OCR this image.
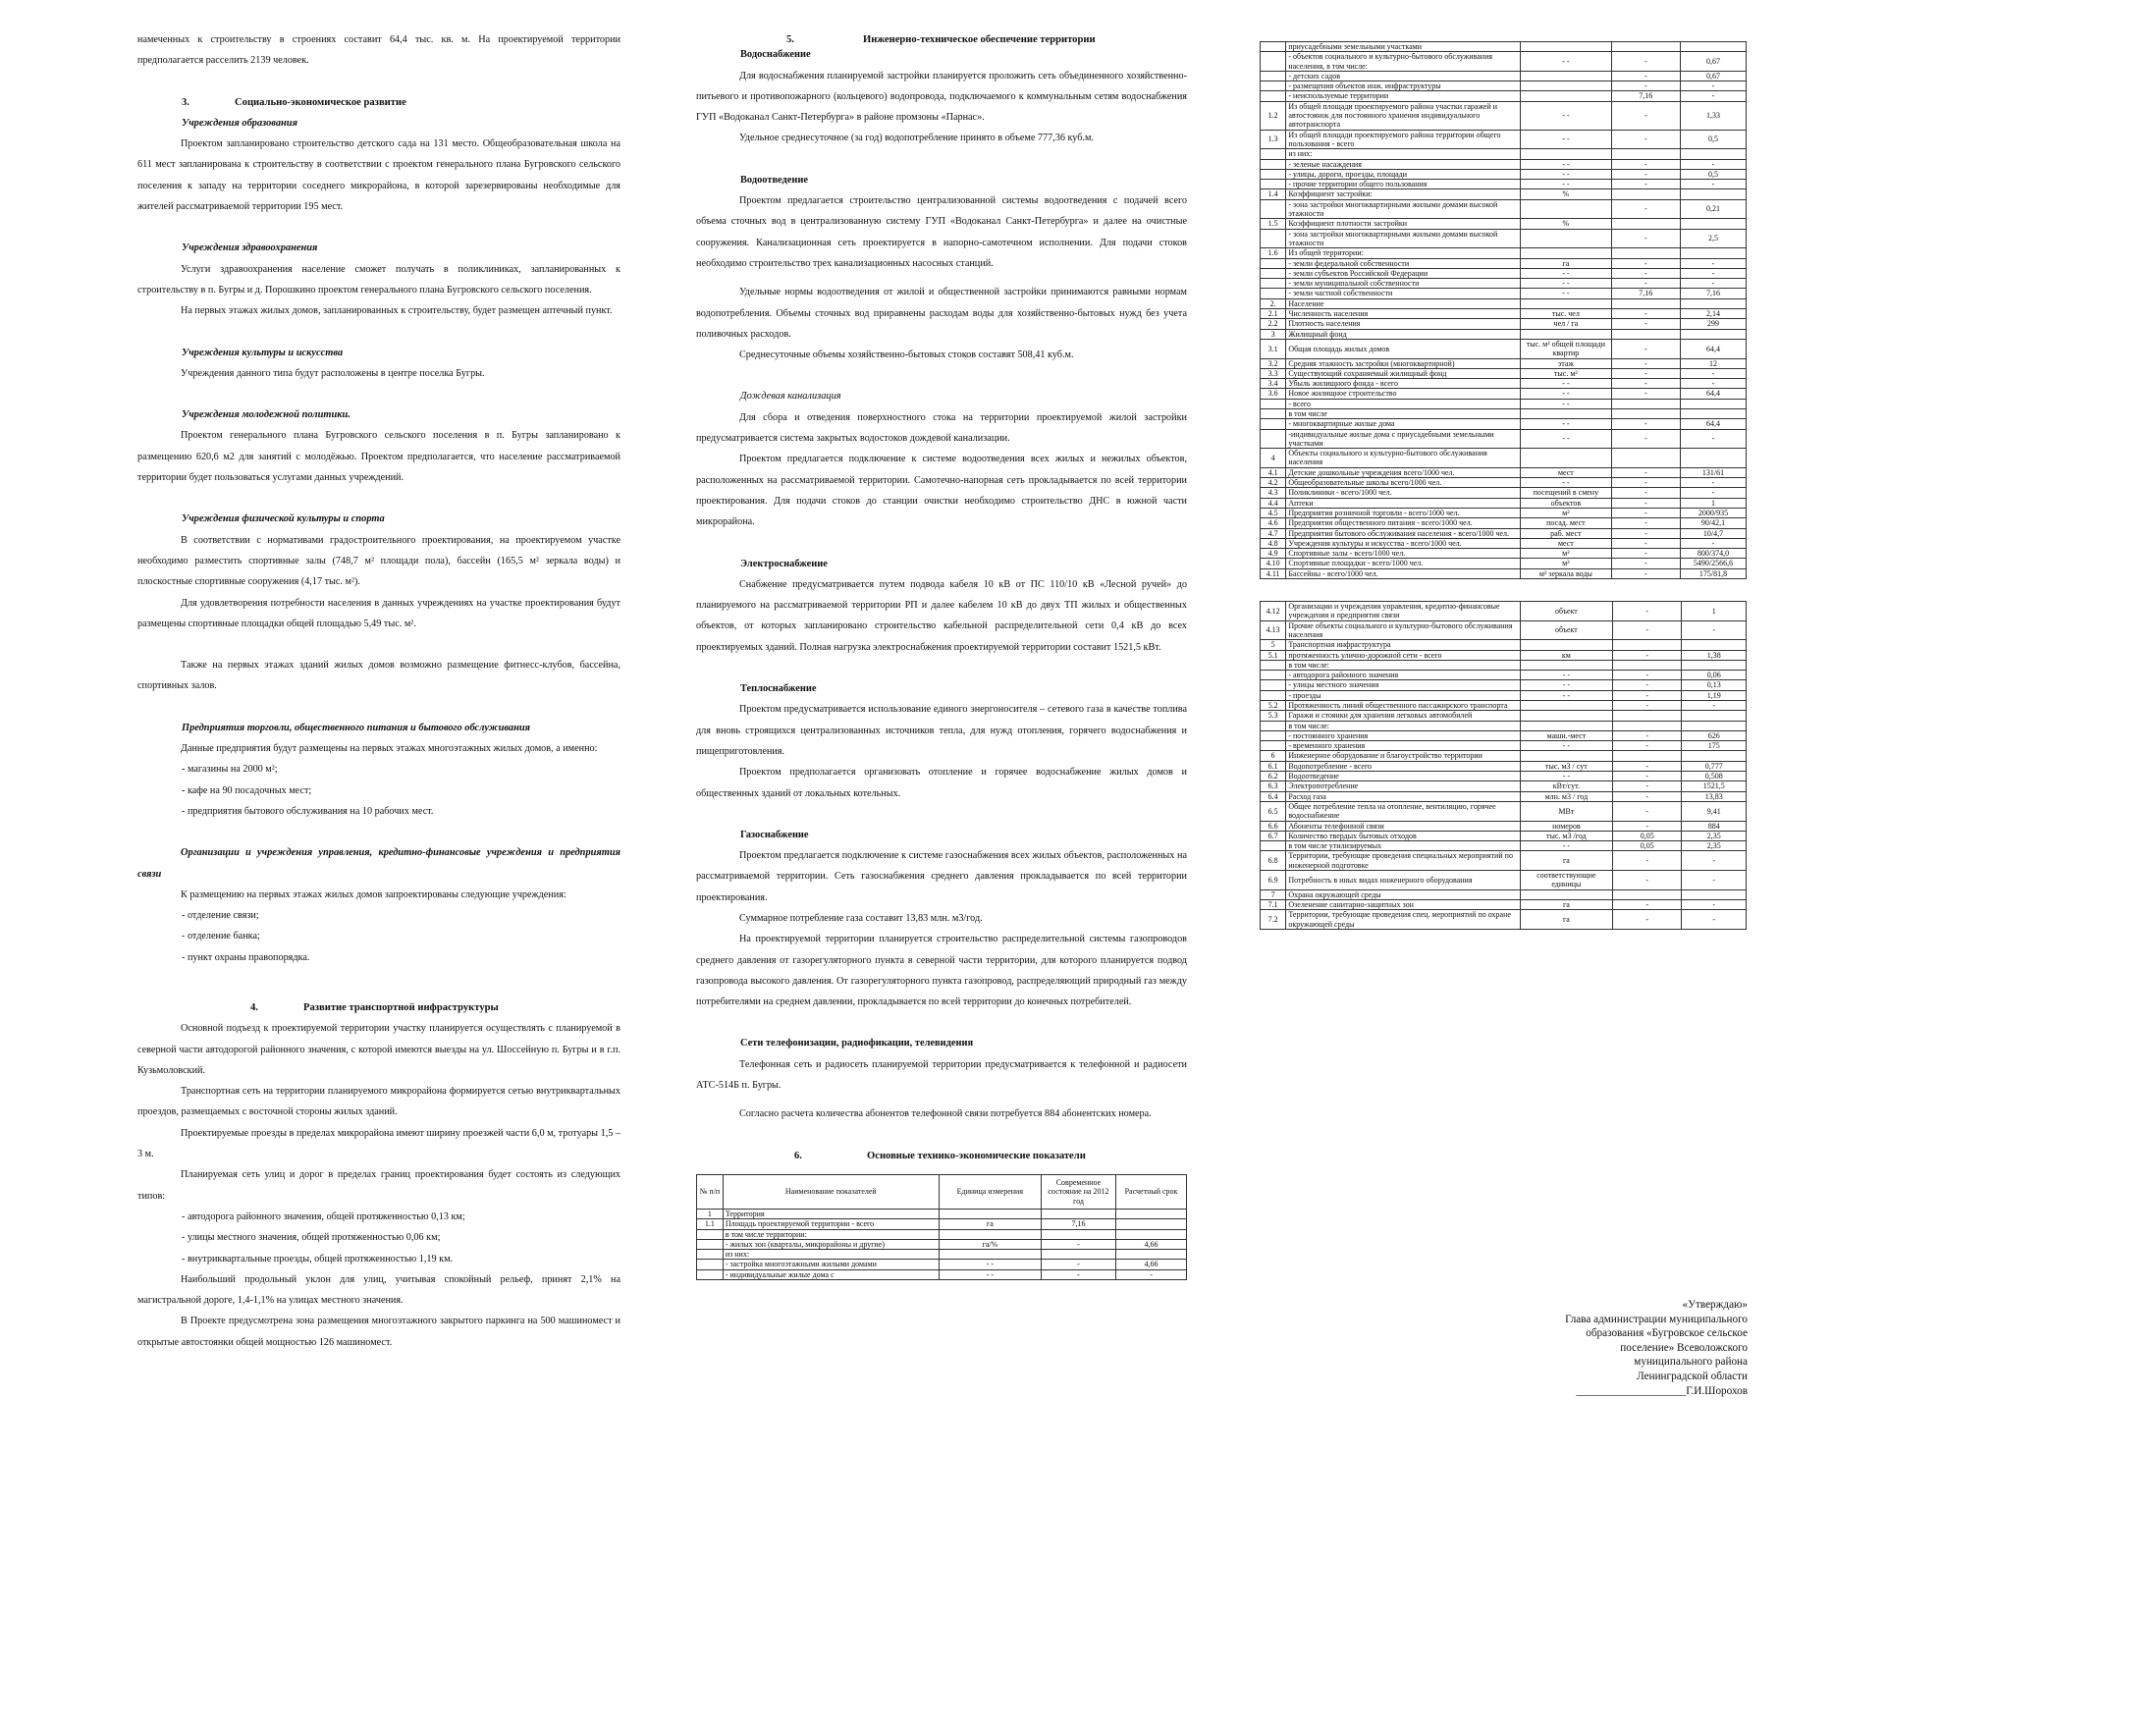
намеченных к строительству в строениях составит 64,4 тыс. кв. м. На проектируемой территории предполагается расселить 2139 человек.

3.	Социально-экономическое развитие

Учреждения образования

Проектом запланировано строительство детского сада на 131 место. Общеобразовательная школа на 611 мест запланирована к строительству в соответствии с проектом генерального плана Бугровского сельского поселения к западу на территории соседнего микрорайона, в которой зарезервированы необходимые для жителей рассматриваемой территории 195 мест.

Учреждения здравоохранения

Услуги здравоохранения население сможет получать в поликлиниках, запланированных к строительству в п. Бугры и д. Порошкино проектом генерального плана Бугровского сельского поселения.

На первых этажах жилых домов, запланированных к строительству, будет размещен аптечный пункт.

Учреждения культуры и искусства

Учреждения данного типа будут расположены в центре поселка Бугры.

Учреждения молодежной политики.

Проектом генерального плана Бугровского сельского поселения в п. Бугры запланировано к размещению 620,6 м2 для занятий с молодёжью. Проектом предполагается, что население рассматриваемой территории будет пользоваться услугами данных учреждений.

Учреждения физической культуры и спорта

В соответствии с нормативами градостроительного проектирования, на проектируемом участке необходимо разместить спортивные залы (748,7 м² площади пола), бассейн (165,5 м² зеркала воды) и плоскостные спортивные сооружения (4,17 тыс. м²).

Для удовлетворения потребности населения в данных учреждениях на участке проектирования будут размещены спортивные площадки общей площадью 5,49 тыс. м².

Также на первых этажах зданий жилых домов возможно размещение фитнесс-клубов, бассейна, спортивных залов.

Предприятия торговли, общественного питания и бытового обслуживания

Данные предприятия будут размещены на первых этажах многоэтажных жилых домов, а именно:

- магазины на 2000 м²;

- кафе на 90 посадочных мест;

- предприятия бытового обслуживания на 10 рабочих мест.

Организации и учреждения управления, кредитно-финансовые учреждения и предприятия связи

К размещению на первых этажах жилых домов запроектированы следующие учреждения:

- отделение связи;

- отделение банка;

- пункт охраны правопорядка.

4.	Развитие транспортной инфраструктуры

Основной подъезд к проектируемой территории участку планируется осуществлять с планируемой в северной части автодорогой районного значения, с которой имеются выезды на ул. Шоссейную п. Бугры и в г.п. Кузьмоловский.

Транспортная сеть на территории планируемого микрорайона формируется сетью внутриквартальных проездов, размещаемых с восточной стороны жилых зданий.

Проектируемые проезды в пределах микрорайона имеют ширину проезжей части 6,0 м, тротуары 1,5 – 3 м.

Планируемая сеть улиц и дорог в пределах границ проектирования будет состоять из следующих типов:

- автодорога районного значения, общей протяженностью 0,13 км;

- улицы местного значения, общей протяженностью 0,06 км;

- внутриквартальные проезды, общей протяженностью 1,19 км.

Наибольший продольный уклон для улиц, учитывая спокойный рельеф, принят 2,1% на магистральной дороге, 1,4-1,1% на улицах местного значения.

В Проекте предусмотрена зона размещения многоэтажного закрытого паркинга на 500 машиномест и открытые автостоянки общей мощностью 126 машиномест.

5.	Инженерно-техническое обеспечение территории

Водоснабжение

Для водоснабжения планируемой застройки планируется проложить сеть объединенного хозяйственно-питьевого и противопожарного (кольцевого) водопровода, подключаемого к коммунальным сетям водоснабжения ГУП «Водоканал Санкт-Петербурга» в районе промзоны «Парнас».

Удельное среднесуточное (за год) водопотребление принято в объеме 777,36 куб.м.

Водоотведение

Проектом предлагается строительство централизованной системы водоотведения с подачей всего объема сточных вод в централизованную систему ГУП «Водоканал Санкт-Петербурга» и далее на очистные сооружения. Канализационная сеть проектируется в напорно-самотечном исполнении. Для подачи стоков необходимо строительство трех канализационных насосных станций.

Удельные нормы водоотведения от жилой и общественной застройки принимаются равными нормам водопотребления. Объемы сточных вод приравнены расходам воды для хозяйственно-бытовых нужд без учета поливочных расходов.

Среднесуточные объемы хозяйственно-бытовых стоков составят 508,41 куб.м.

Дождевая канализация

Для сбора и отведения поверхностного стока на территории проектируемой жилой застройки предусматривается система закрытых водостоков дождевой канализации.

Проектом предлагается подключение к системе водоотведения всех жилых и нежилых объектов, расположенных на рассматриваемой территории. Самотечно-напорная сеть прокладывается по всей территории проектирования. Для подачи стоков до станции очистки необходимо строительство ДНС в южной части микрорайона.

Электроснабжение

Снабжение предусматривается путем подвода кабеля 10 кВ от ПС 110/10 кВ «Лесной ручей» до планируемого на рассматриваемой территории РП и далее кабелем 10 кВ до двух ТП жилых и общественных объектов, от которых запланировано строительство кабельной распределительной сети 0,4 кВ до всех проектируемых зданий. Полная нагрузка электроснабжения проектируемой территории составит 1521,5 кВт.

Теплоснабжение

Проектом предусматривается использование единого энергоносителя – сетевого газа в качестве топлива для вновь строящихся централизованных источников тепла, для нужд отопления, горячего водоснабжения и пищеприготовления.

Проектом предполагается организовать отопление и горячее водоснабжение жилых домов и общественных зданий от локальных котельных.

Газоснабжение

Проектом предлагается подключение к системе газоснабжения всех жилых объектов, расположенных на рассматриваемой территории. Сеть газоснабжения среднего давления прокладывается по всей территории проектирования.

Суммарное потребление газа составит 13,83 млн. м3/год.

На проектируемой территории планируется строительство распределительной системы газопроводов среднего давления от газорегуляторного пункта в северной части территории, для которого планируется подвод газопровода высокого давления. От газорегуляторного пункта газопровод, распределяющий природный газ между потребителями на среднем давлении, прокладывается по всей территории до конечных потребителей.

Сети телефонизации, радиофикации, телевидения

Телефонная сеть и радиосеть планируемой территории предусматривается к телефонной и радиосети АТС-514Б п. Бугры.

Согласно расчета количества абонентов телефонной связи потребуется 884 абонентских номера.

6.	Основные технико-экономические показатели
№ п/п	Наименование показателей	Единица измерения	Современное состояние на 2012 год	Расчетный срок
1	Территория			
1.1	Площадь проектируемой территории - всего	га	7,16	
	в том числе территории:			
	- жилых зон (кварталы, микрорайоны и другие)	га/%	-	4,66
	из них:			
	- застройка многоэтажными жилыми домами	- -	-	4,66
	- индивидуальные жилые дома с	- -	-	-
	приусадебными земельными участками			
	- объектов социального и культурно-бытового обслуживания населения, в том числе:	- -	-	0,67
	- детских садов		-	0,67
	- размещения объектов инж. инфраструктуры		-	-
	- неиспользуемые территории		7,16	-
1.2	Из общей площади проектируемого района участки гаражей и автостоянок для постоянного хранения индивидуального автотранспорта	- -	-	1,33
1.3	Из общей площади проектируемого района территории общего пользования - всего	- -	-	0,5
	из них:			
	- зеленые насаждения	- -	-	-
	- улицы, дороги, проезды, площади	- -	-	0,5
	- прочие территории общего пользования	- -	-	-
1.4	Коэффициент застройки:	%		
	- зона застройки многоквартирными жилыми домами высокой этажности		-	0,21
1.5	Коэффициент плотности застройки	%		
	- зона застройки многоквартирными жилыми домами высокой этажности		-	2,5
1.6	Из общей территории:			
	- земли федеральной собственности	га	-	-
	- земли субъектов Российской Федерации	- -	-	-
	- земли муниципальной собственности	- -	-	-
	- земли частной собственности	- -	7,16	7,16
2.	Население			
2.1	Численность населения	тыс. чел	-	2,14
2.2	Плотность населения	чел / га	-	299
3	Жилищный фонд			
3.1	Общая площадь жилых домов	тыс. м² общей площади квартир	-	64,4
3.2	Средняя этажность застройки (многоквартирной)	этаж	-	12
3.3	Существующий сохраняемый жилищный фонд	тыс. м²	-	-
3.4	Убыль жилищного фонда - всего	- -	-	-
3.6	Новое жилищное строительство	- -	-	64,4
	- всего	- -		
	в том числе			
	- многоквартирные жилые дома	- -	-	64,4
	-индивидуальные жилые дома с приусадебными земельными участками	- -	-	-
4	Объекты социального и культурно-бытового обслуживания населения			
4.1	Детские дошкольные учреждения всего/1000 чел.	мест	-	131/61
4.2	Общеобразовательные школы всего/1000 чел.	- -	-	-
4.3	Поликлиники - всего/1000 чел.	посещений в смену	-	-
4.4	Аптеки	объектов	-	1
4.5	Предприятия розничной торговли - всего/1000 чел.	м²	-	2000/935
4.6	Предприятия общественного питания - всего/1000 чел.	посад. мест	-	90/42,1
4.7	Предприятия бытового обслуживания населения - всего/1000 чел.	раб. мест	-	10/4,7
4.8	Учреждения культуры и искусства - всего/1000 чел.	мест	-	-
4.9	Спортивные залы - всего/1000 чел.	м²	-	800/374,0
4.10	Спортивные площадки - всего/1000 чел.	м²	-	5490/2566,6
4.11	Бассейны - всего/1000 чел.	м² зеркала воды	-	175/81,8
4.12	Организации и учреждения управления, кредитно-финансовые учреждения и предприятия связи	объект	-	1
4.13	Прочие объекты социального и культурно-бытового обслуживания населения	объект	-	-
5	Транспортная инфраструктура			
5.1	протяженность улично-дорожной сети - всего	км	-	1,38
	в том числе:			
	- автодорога районного значения	- -	-	0,06
	- улицы местного значения	- -	-	0,13
	- проезды	- -	-	1,19
5.2	Протяженность линий общественного пассажирского транспорта		-	-
5.3	Гаражи и стоянки для хранения легковых автомобилей			
	в том числе:			
	- постоянного хранения	машн.-мест	-	626
	- временного хранения	- -	-	175
6	Инженерное оборудование и благоустройство территории			
6.1	Водопотребление - всего	тыс. м3 / сут	-	0,777
6.2	Водоотведение	- -	-	0,508
6.3	Электропотребление	кВт/сут.	-	1521,5
6.4	Расход газа	млн. м3 / год	-	13,83
6.5	Общее потребление тепла на отопление, вентиляцию, горячее водоснабжение	МВт	-	9,41
6.6	Абоненты телефонной связи	номеров	-	884
6.7	Количество твердых бытовых отходов	тыс. м3 /год	0,05	2,35
	в том числе утилизируемых	- -	0,05	2,35
6.8	Территории, требующие проведения специальных мероприятий по инженерной подготовке	га	-	-
6.9	Потребность в иных видах инженерного оборудования	соответствующие единицы	-	-
7	Охрана окружающей среды			
7.1	Озеленение санитарно-защитных зон	га	-	-
7.2	Территории, требующие проведения спец. мероприятий по охране окружающей среды	га	-	-
«Утверждаю»
Глава администрации муниципального
образования «Бугровское сельское
поселение» Всеволожского
муниципального района
Ленинградской области
____________________Г.И.Шорохов
